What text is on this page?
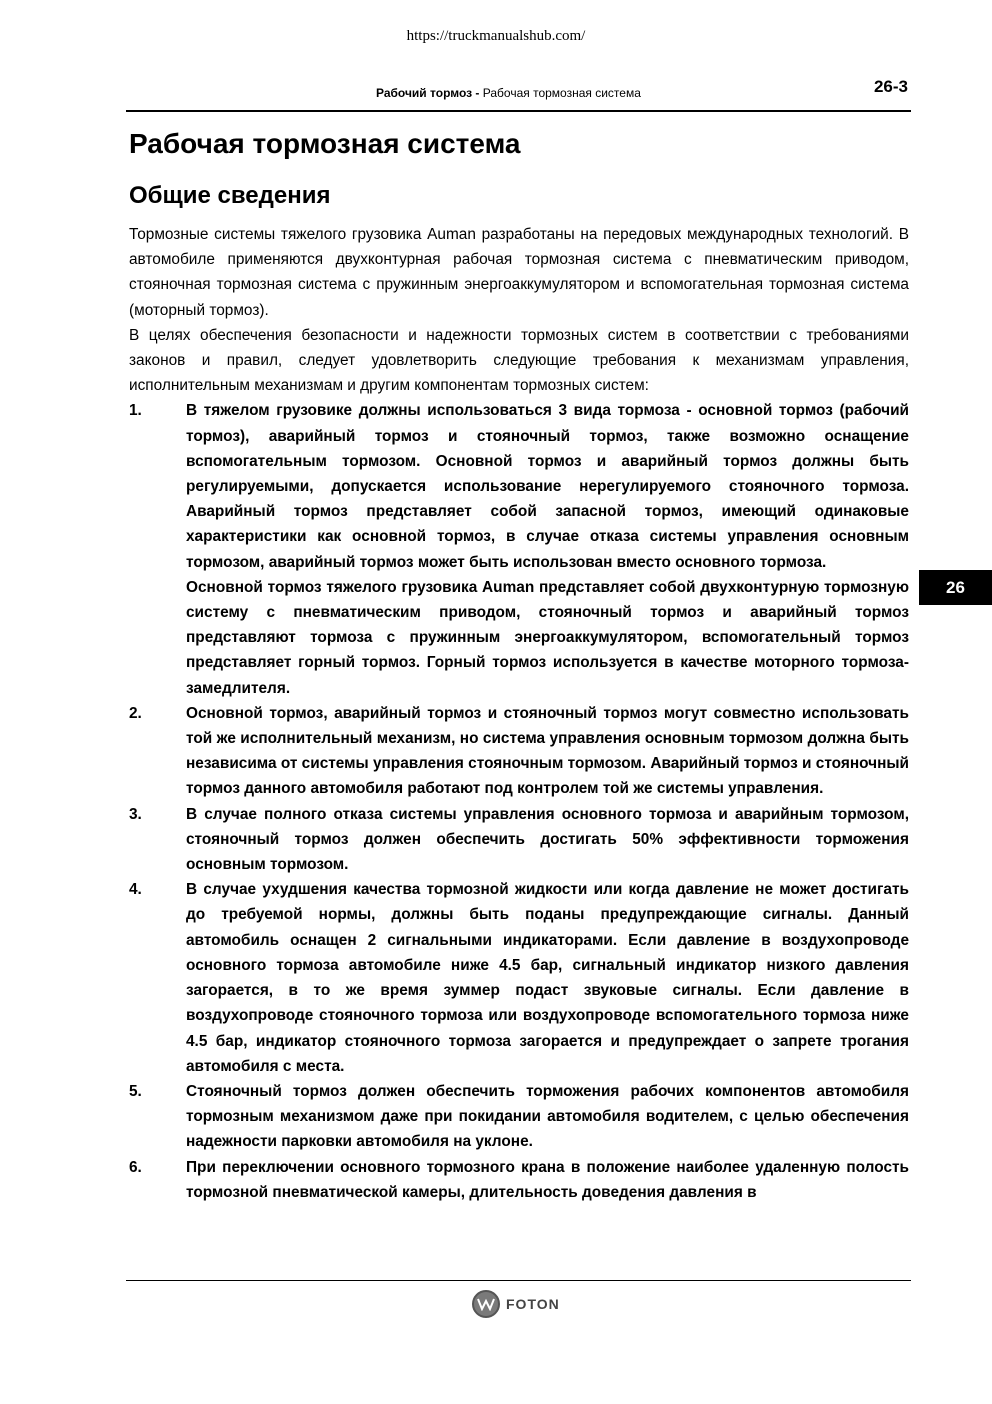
https://truckmanualshub.com/
Рабочий тормоз - Рабочая тормозная система	26-3
Рабочая тормозная система
Общие сведения

Тормозные системы тяжелого грузовика Auman разработаны на передовых международных технологий. В автомобиле применяются двухконтурная рабочая тормозная система с пневматическим приводом, стояночная тормозная система с пружинным энергоаккумулятором и вспомогательная тормозная система (моторный тормоз).

В целях обеспечения безопасности и надежности тормозных систем в соответствии с требованиями законов и правил, следует удовлетворить следующие требования к механизмам управления, исполнительным механизмам и другим компонентам тормозных систем:

1.	В тяжелом грузовике должны использоваться 3 вида тормоза - основной тормоз (рабочий тормоз), аварийный тормоз и стояночный тормоз, также возможно оснащение вспомогательным тормозом. Основной тормоз и аварийный тормоз должны быть регулируемыми, допускается использование нерегулируемого стояночного тормоза. Аварийный тормоз представляет собой запасной тормоз, имеющий одинаковые характеристики как основной тормоз, в случае отказа системы управления основным тормозом, аварийный тормоз может быть использован вместо основного тормоза.

Основной тормоз тяжелого грузовика Auman представляет собой двухконтурную тормозную систему с пневматическим приводом, стояночный тормоз и аварийный тормоз представляют тормоза с пружинным энергоаккумулятором, вспомогательный тормоз представляет горный тормоз. Горный тормоз используется в качестве моторного тормоза-замедлителя.

2.	Основной тормоз, аварийный тормоз и стояночный тормоз могут совместно использовать той же исполнительный механизм, но система управления основным тормозом должна быть независима от системы управления стояночным тормозом. Аварийный тормоз и стояночный тормоз данного автомобиля работают под контролем той же системы управления.

3.	В случае полного отказа системы управления основного тормоза и аварийным тормозом, стояночный тормоз должен обеспечить достигать 50% эффективности торможения основным тормозом.

4.	В случае ухудшения качества тормозной жидкости или когда давление не может достигать до требуемой нормы, должны быть поданы предупреждающие сигналы. Данный автомобиль оснащен 2 сигнальными индикаторами. Если давление в воздухопроводе основного тормоза автомобиле ниже 4.5 бар, сигнальный индикатор низкого давления загорается, в то же время зуммер подаст звуковые сигналы. Если давление в воздухопроводе стояночного тормоза или воздухопроводе вспомогательного тормоза ниже 4.5 бар, индикатор стояночного тормоза загорается и предупреждает о запрете трогания автомобиля с места.

5.	Стояночный тормоз должен обеспечить торможения рабочих компонентов автомобиля тормозным механизмом даже при покидании автомобиля водителем, с целью обеспечения надежности парковки автомобиля на уклоне.

6.	При переключении основного тормозного крана в положение наиболее удаленную полость тормозной пневматической камеры, длительность доведения давления в

26
FOTON
